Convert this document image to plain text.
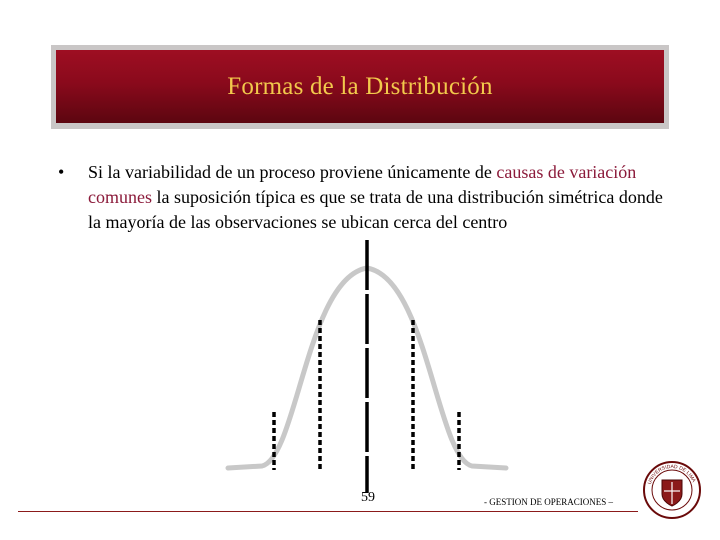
Formas de la Distribución
• Si la variabilidad de un proceso proviene únicamente de causas de variación comunes la suposición típica es que se trata de una distribución simétrica donde la mayoría de las observaciones se ubican cerca del centro
59	- GESTION DE OPERACIONES –
UNIVERSIDAD DE LIMA
